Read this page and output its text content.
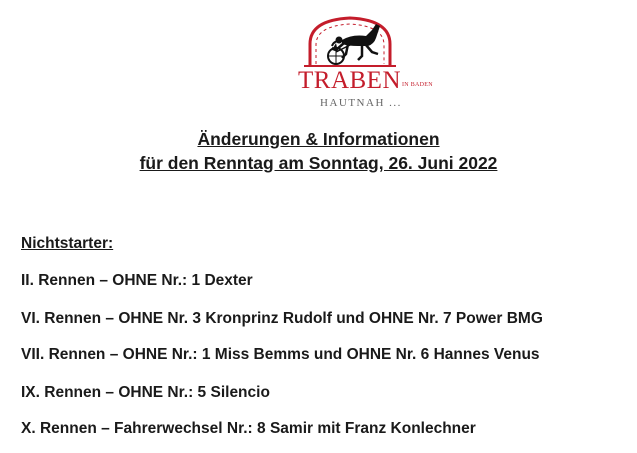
TRABENIN BADEN
HAUTNAH ...

Änderungen & Informationen

für den Renntag am Sonntag, 26. Juni 2022

Nichtstarter:

II. Rennen – OHNE Nr.: 1 Dexter

VI. Rennen – OHNE Nr. 3 Kronprinz Rudolf und OHNE Nr. 7 Power BMG

VII. Rennen – OHNE Nr.: 1 Miss Bemms und OHNE Nr. 6 Hannes Venus

IX. Rennen – OHNE Nr.: 5 Silencio

X. Rennen – Fahrerwechsel Nr.: 8 Samir mit Franz Konlechner
